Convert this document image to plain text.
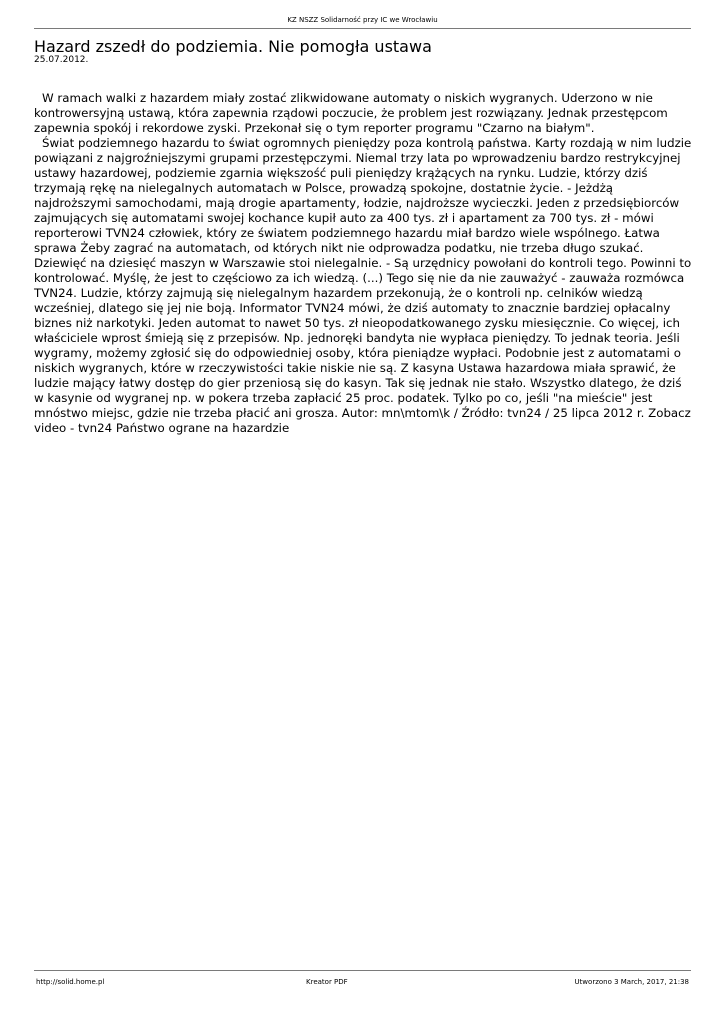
KZ NSZZ Solidarność przy IC we Wrocławiu
Hazard zszedł do podziemia. Nie pomogła ustawa
25.07.2012.

W ramach walki z hazardem miały zostać zlikwidowane automaty o niskich wygranych. Uderzono w nie kontrowersyjną ustawą, która zapewnia rządowi poczucie, że problem jest rozwiązany. Jednak przestępcom zapewnia spokój i rekordowe zyski. Przekonał się o tym reporter programu "Czarno na białym".

Świat podziemnego hazardu to świat ogromnych pieniędzy poza kontrolą państwa. Karty rozdają w nim ludzie powiązani z najgroźniejszymi grupami przestępczymi. Niemal trzy lata po wprowadzeniu bardzo restrykcyjnej ustawy hazardowej, podziemie zgarnia większość puli pieniędzy krążących na rynku. Ludzie, którzy dziś trzymają rękę na nielegalnych automatach w Polsce, prowadzą spokojne, dostatnie życie. - Jeżdżą najdroższymi samochodami, mają drogie apartamenty, łodzie, najdroższe wycieczki. Jeden z przedsiębiorców zajmujących się automatami swojej kochance kupił auto za 400 tys. zł i apartament za 700 tys. zł - mówi reporterowi TVN24 człowiek, który ze światem podziemnego hazardu miał bardzo wiele wspólnego. Łatwa sprawa Żeby zagrać na automatach, od których nikt nie odprowadza podatku, nie trzeba długo szukać. Dziewięć na dziesięć maszyn w Warszawie stoi nielegalnie. - Są urzędnicy powołani do kontroli tego. Powinni to kontrolować. Myślę, że jest to częściowo za ich wiedzą. (...) Tego się nie da nie zauważyć - zauważa rozmówca TVN24. Ludzie, którzy zajmują się nielegalnym hazardem przekonują, że o kontroli np. celników wiedzą wcześniej, dlatego się jej nie boją. Informator TVN24 mówi, że dziś automaty to znacznie bardziej opłacalny biznes niż narkotyki. Jeden automat to nawet 50 tys. zł nieopodatkowanego zysku miesięcznie. Co więcej, ich właściciele wprost śmieją się z przepisów. Np. jednoręki bandyta nie wypłaca pieniędzy. To jednak teoria. Jeśli wygramy, możemy zgłosić się do odpowiedniej osoby, która pieniądze wypłaci. Podobnie jest z automatami o niskich wygranych, które w rzeczywistości takie niskie nie są. Z kasyna Ustawa hazardowa miała sprawić, że ludzie mający łatwy dostęp do gier przeniosą się do kasyn. Tak się jednak nie stało. Wszystko dlatego, że dziś w kasynie od wygranej np. w pokera trzeba zapłacić 25 proc. podatek. Tylko po co, jeśli "na mieście" jest mnóstwo miejsc, gdzie nie trzeba płacić ani grosza. Autor: mn\mtom\k / Źródło: tvn24 / 25 lipca 2012 r. Zobacz video - tvn24 Państwo ograne na hazardzie

http://solid.home.pl	Kreator PDF	Utworzono 3 March, 2017, 21:38
